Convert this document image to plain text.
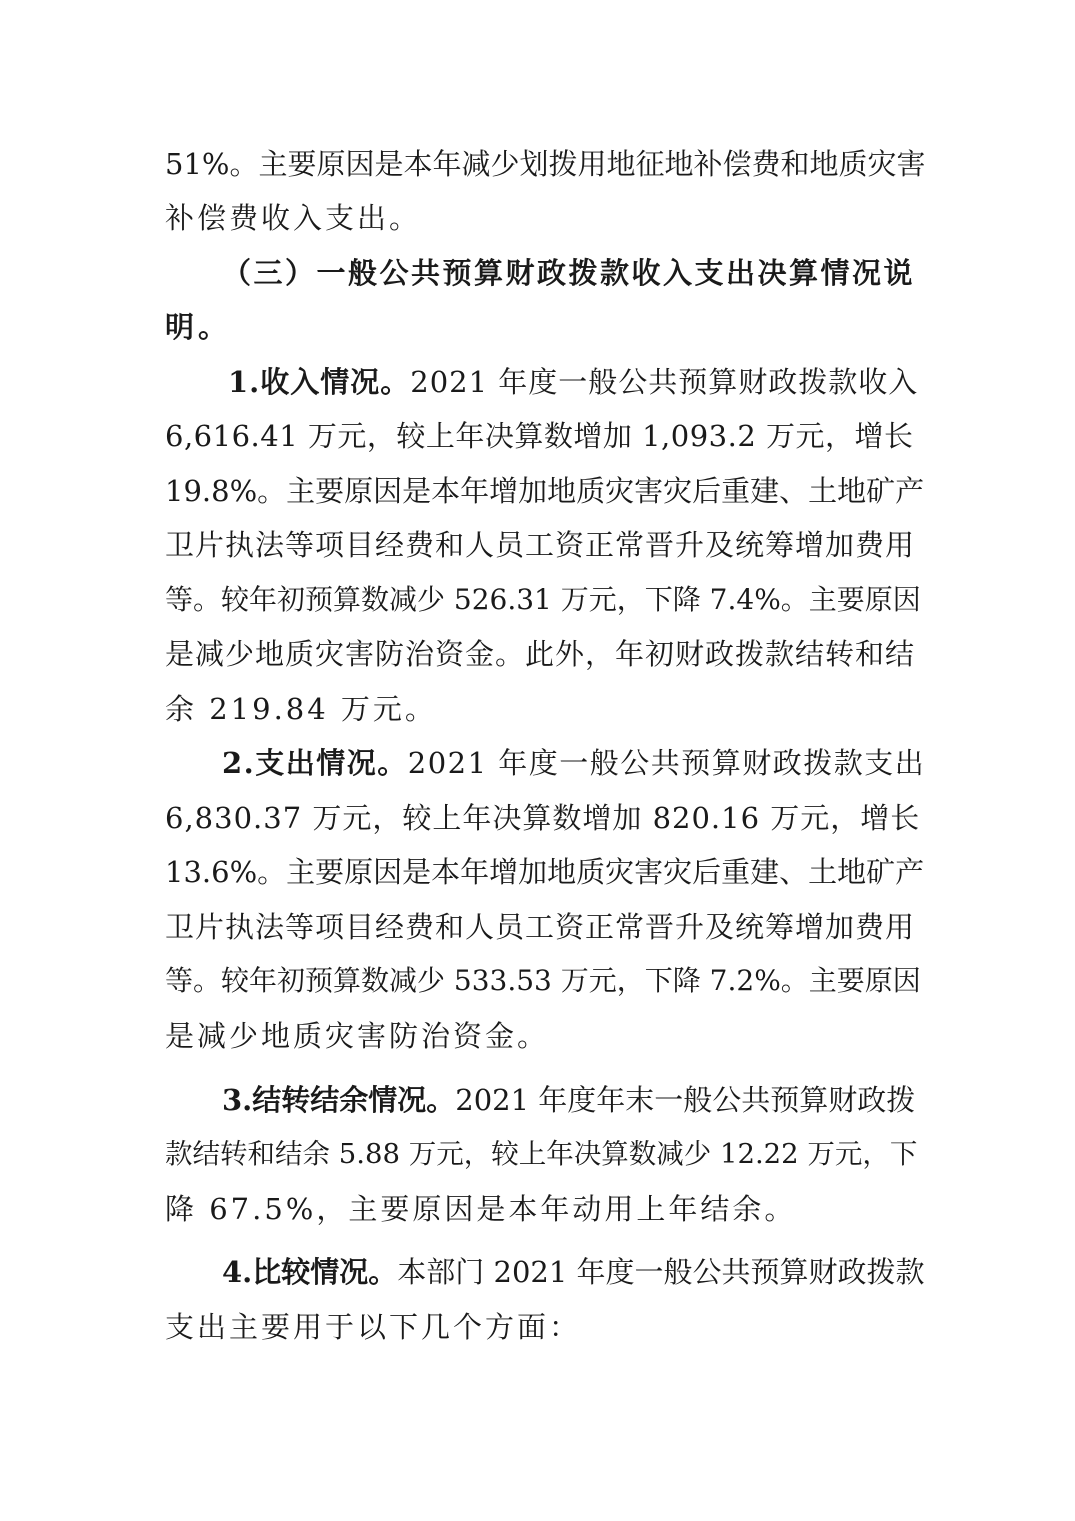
51%。主要原因是本年减少划拨用地征地补偿费和地质灾害

补偿费收入支出。

（三）一般公共预算财政拨款收入支出决算情况说

明。

1.收入情况。2021 年度一般公共预算财政拨款收入

6,616.41 万元，较上年决算数增加 1,093.2 万元，增长

19.8%。主要原因是本年增加地质灾害灾后重建、土地矿产

卫片执法等项目经费和人员工资正常晋升及统筹增加费用

等。较年初预算数减少 526.31 万元，下降 7.4%。主要原因

是减少地质灾害防治资金。此外，年初财政拨款结转和结

余 219.84 万元。

2.支出情况。2021 年度一般公共预算财政拨款支出

6,830.37 万元，较上年决算数增加 820.16 万元，增长

13.6%。主要原因是本年增加地质灾害灾后重建、土地矿产

卫片执法等项目经费和人员工资正常晋升及统筹增加费用

等。较年初预算数减少 533.53 万元，下降 7.2%。主要原因

是减少地质灾害防治资金。

3.结转结余情况。2021 年度年末一般公共预算财政拨

款结转和结余 5.88 万元，较上年决算数减少 12.22 万元，下

降 67.5%，主要原因是本年动用上年结余。

4.比较情况。本部门 2021 年度一般公共预算财政拨款

支出主要用于以下几个方面：
